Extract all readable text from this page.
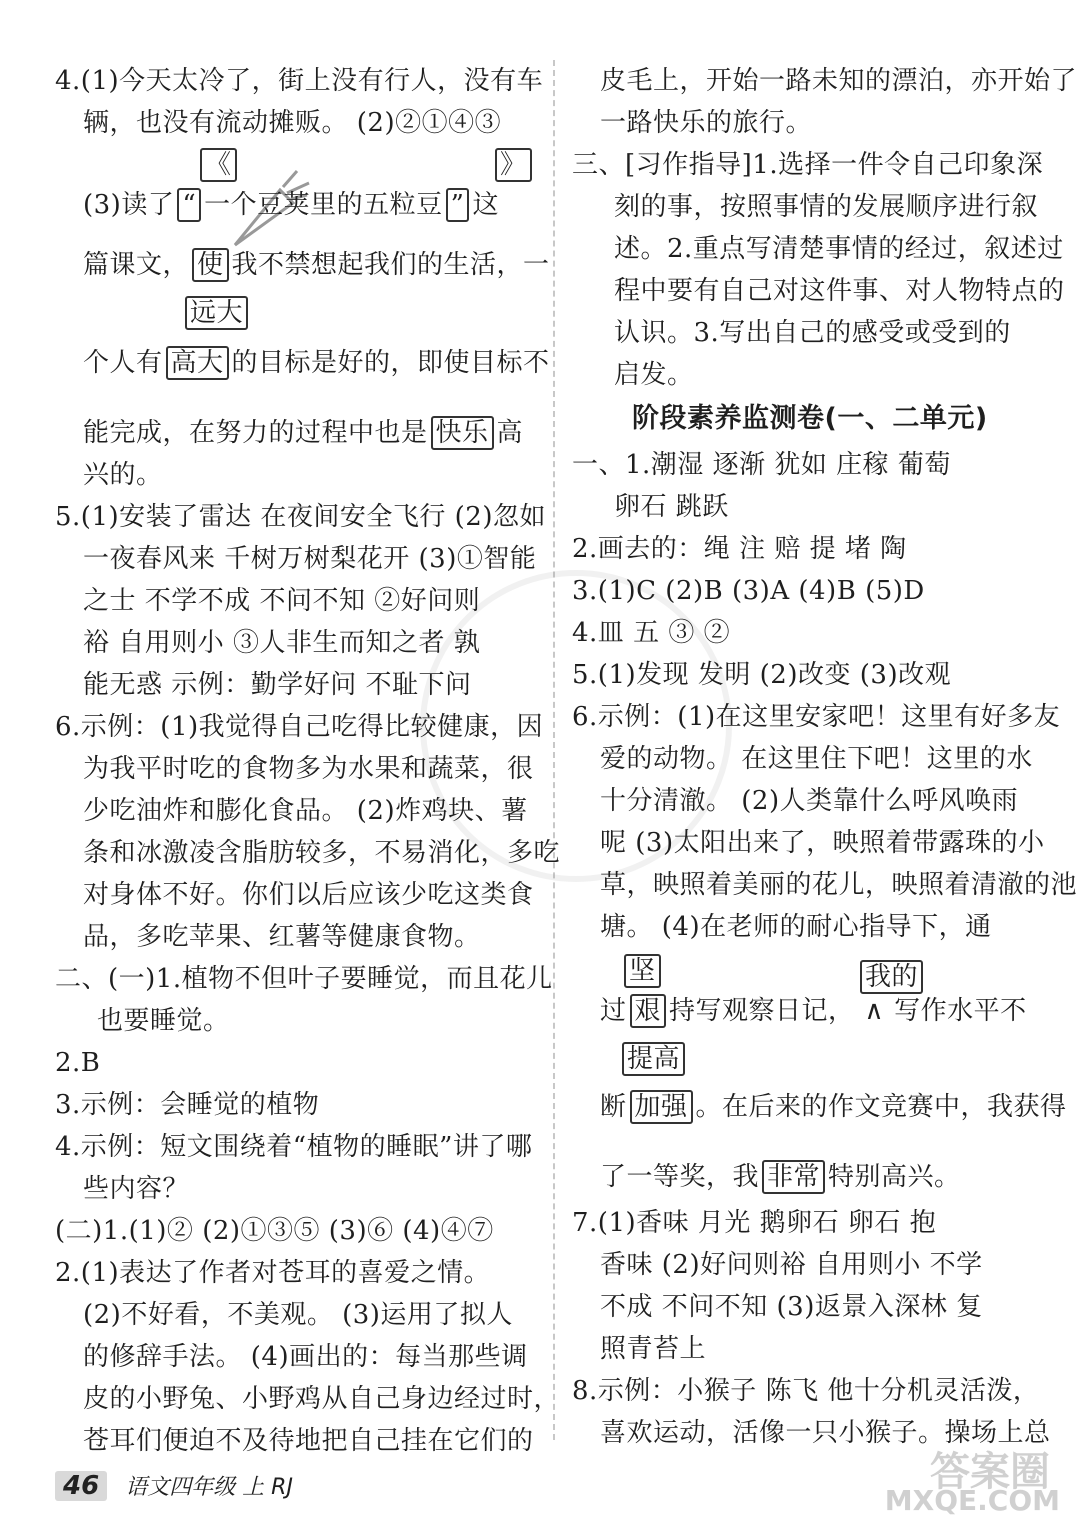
4.(1)今天太冷了，街上没有行人，没有车
辆，也没有流动摊贩。 (2)②①④③
《	》
(3)读了 “ 一个豆荚里的五粒豆 ” 这
篇课文， 使 我不禁想起我们的生活，一
远大
个人有 高大 的目标是好的，即使目标不
能完成，在努力的过程中也是 快乐 高
兴的。
5.(1)安装了雷达 在夜间安全飞行 (2)忽如
一夜春风来 千树万树梨花开 (3)①智能
之士 不学不成 不问不知 ②好问则
裕 自用则小 ③人非生而知之者 孰
能无惑 示例：勤学好问 不耻下问
6.示例：(1)我觉得自己吃得比较健康，因
为我平时吃的食物多为水果和蔬菜，很
少吃油炸和膨化食品。 (2)炸鸡块、薯
条和冰激凌含脂肪较多，不易消化，多吃
对身体不好。你们以后应该少吃这类食
品，多吃苹果、红薯等健康食物。
二、(一)1.植物不但叶子要睡觉，而且花儿
也要睡觉。
2.B
3.示例：会睡觉的植物
4.示例：短文围绕着“植物的睡眠”讲了哪
些内容？
(二)1.(1)② (2)①③⑤ (3)⑥ (4)④⑦
2.(1)表达了作者对苍耳的喜爱之情。
(2)不好看，不美观。 (3)运用了拟人
的修辞手法。 (4)画出的：每当那些调
皮的小野兔、小野鸡从自己身边经过时，
苍耳们便迫不及待地把自己挂在它们的
皮毛上，开始一路未知的漂泊，亦开始了
一路快乐的旅行。
三、[习作指导]1.选择一件令自己印象深
刻的事，按照事情的发展顺序进行叙
述。2.重点写清楚事情的经过，叙述过
程中要有自己对这件事、对人物特点的
认识。3.写出自己的感受或受到的
启发。
阶段素养监测卷(一、二单元)
一、1.潮湿 逐渐 犹如 庄稼 葡萄
卵石 跳跃
2.画去的：绳 注 赔 提 堵 陶
3.(1)C (2)B (3)A (4)B (5)D
4.皿 五 ③ ②
5.(1)发现 发明 (2)改变 (3)改观
6.示例：(1)在这里安家吧！这里有好多友
爱的动物。 在这里住下吧！这里的水
十分清澈。 (2)人类靠什么呼风唤雨
呢 (3)太阳出来了，映照着带露珠的小
草，映照着美丽的花儿，映照着清澈的池
塘。 (4)在老师的耐心指导下，通
坚	我的
过 艰 持写观察日记， ∧ 写作水平不
提高
断 加强 。在后来的作文竞赛中，我获得
了一等奖，我 非常 特别高兴。
7.(1)香味 月光 鹅卵石 卵石 抱
香味 (2)好问则裕 自用则小 不学
不成 不问不知 (3)返景入深林 复
照青苔上
8.示例：小猴子 陈飞 他十分机灵活泼，
喜欢运动，活像一只小猴子。操场上总
46 语文四年级 上 RJ	答案圈
MXQE.COM
